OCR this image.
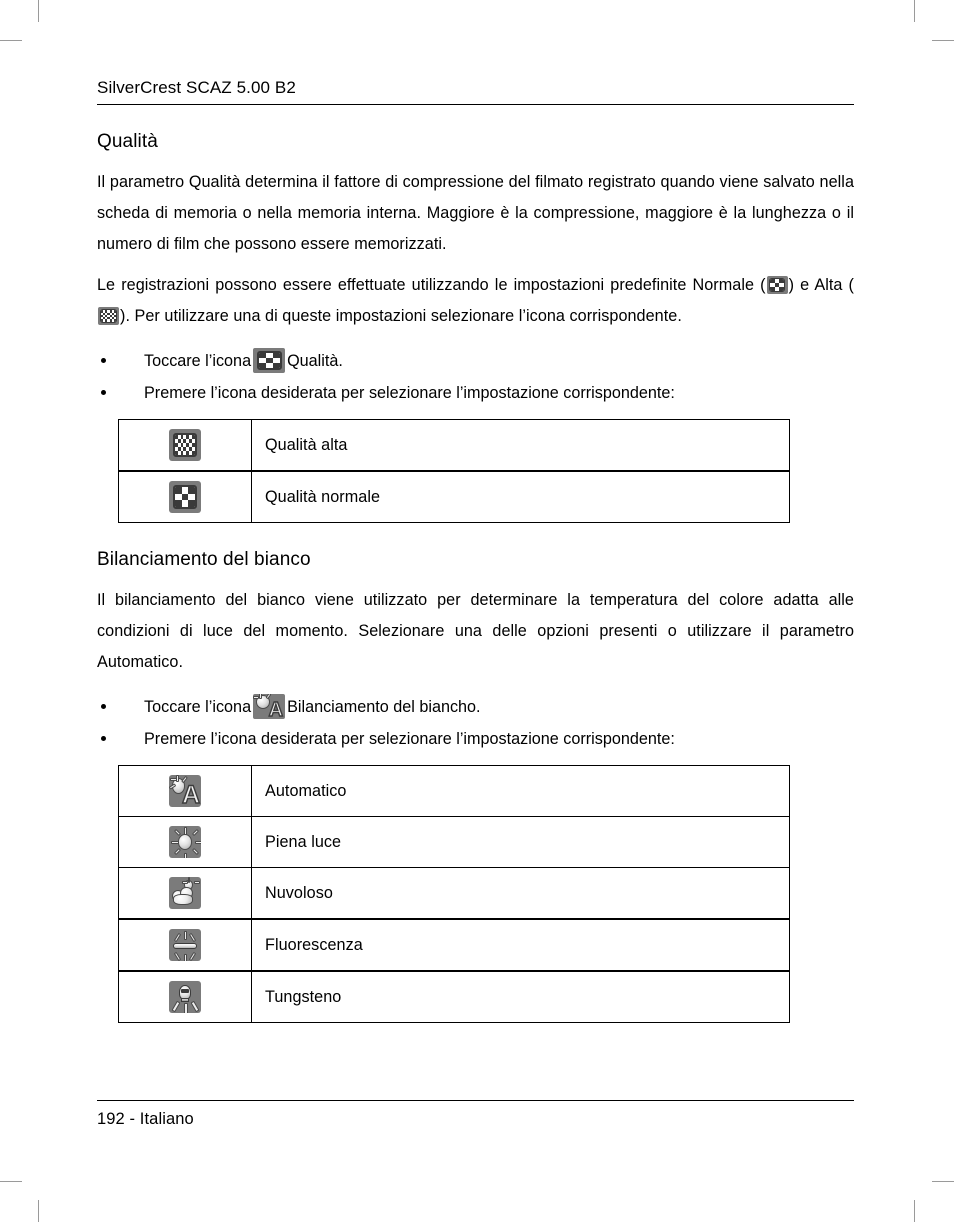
SilverCrest SCAZ 5.00 B2
Qualità

Il parametro Qualità determina il fattore di compressione del filmato registrato quando viene salvato nella scheda di memoria o nella memoria interna. Maggiore è la compressione, maggiore è la lunghezza o il numero di film che possono essere memorizzati.

Le registrazioni possono essere effettuate utilizzando le impostazioni predefinite Normale ( ) e Alta (
). Per utilizzare una di queste impostazioni selezionare l’icona corrispondente.

Toccare l’icona Qualità.
Premere l’icona desiderata per selezionare l’impostazione corrispondente:
	Qualità alta

	Qualità normale
Bilanciamento del bianco

Il bilanciamento del bianco viene utilizzato per determinare la temperatura del colore adatta alle condizioni di luce del momento. Selezionare una delle opzioni presenti o utilizzare il parametro Automatico.

Toccare l’icona A Bilanciamento del biancho.
Premere l’icona desiderata per selezionare l’impostazione corrispondente:
A	Automatico

	Piena luce

	Nuvoloso

	Fluorescenza

	Tungsteno
192 - Italiano
